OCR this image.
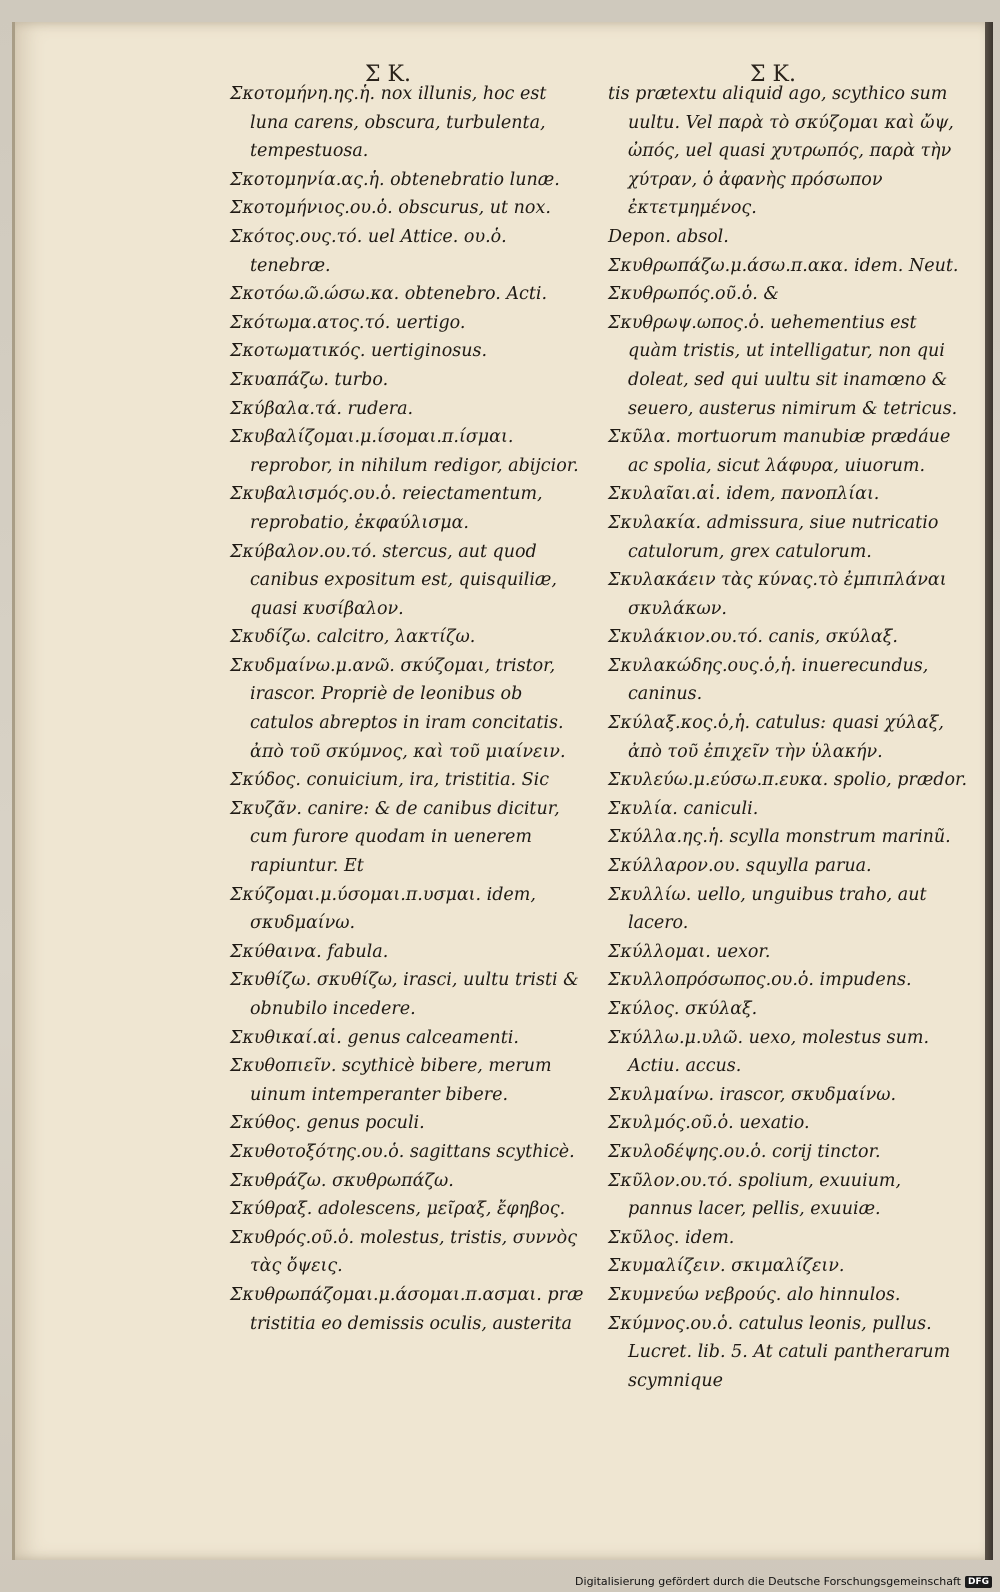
Σ K.	Σ K.

Σκοτομήνη.ης.ἡ. nox illunis, hoc est luna carens, obscura, turbulenta, tempestuosa.

Σκοτομηνία.ας.ἡ. obtenebratio lunæ.

Σκοτομήνιος.ου.ὁ. obscurus, ut nox.

Σκότος.ους.τό. uel Attice. ου.ὁ. tenebræ.

Σκοτόω.ῶ.ώσω.κα. obtenebro. Acti.

Σκότωμα.ατος.τό. uertigo.

Σκοτωματικός. uertiginosus.

Σκυαπάζω. turbo.

Σκύβαλα.τά. rudera.

Σκυβαλίζομαι.μ.ίσομαι.π.ίσμαι. reprobor, in nihilum redigor, abijcior.

Σκυβαλισμός.ου.ὁ. reiectamentum, reprobatio, ἐκφαύλισμα.

Σκύβαλον.ου.τό. stercus, aut quod canibus expositum est, quisquiliæ, quasi κυσίβαλον.

Σκυδίζω. calcitro, λακτίζω.

Σκυδμαίνω.μ.ανῶ. σκύζομαι, tristor, irascor. Propriè de leonibus ob catulos abreptos in iram concitatis. ἀπὸ τοῦ σκύμνος, καὶ τοῦ μιαίνειν.

Σκύδος. conuicium, ira, tristitia. Sic

Σκυζᾶν. canire: & de canibus dicitur, cum furore quodam in uenerem rapiuntur. Et

Σκύζομαι.μ.ύσομαι.π.υσμαι. idem, σκυδμαίνω.

Σκύθαινα. fabula.

Σκυθίζω. σκυθίζω, irasci, uultu tristi & obnubilo incedere.

Σκυθικαί.αἱ. genus calceamenti.

Σκυθοπιεῖν. scythicè bibere, merum uinum intemperanter bibere.

Σκύθος. genus poculi.

Σκυθοτοξότης.ου.ὁ. sagittans scythicè.

Σκυθράζω. σκυθρωπάζω.

Σκύθραξ. adolescens, μεῖραξ, ἔφηβος.

Σκυθρός.οῦ.ὁ. molestus, tristis, συννὸς τὰς ὄψεις.

Σκυθρωπάζομαι.μ.άσομαι.π.ασμαι. præ tristitia eo demissis oculis, austerita

tis prætextu aliquid ago, scythico sum uultu. Vel παρὰ τὸ σκύζομαι καὶ ὤψ, ὠπός, uel quasi χυτρωπός, παρὰ τὴν χύτραν, ὁ ἀφανὴς πρόσωπον ἐκτετμημένος.

Depon. absol.

Σκυθρωπάζω.μ.άσω.π.ακα. idem. Neut.

Σκυθρωπός.οῦ.ὁ. &

Σκυθρωψ.ωπος.ὁ. uehementius est quàm tristis, ut intelligatur, non qui doleat, sed qui uultu sit inamœno & seuero, austerus nimirum & tetricus.

Σκῦλα. mortuorum manubiæ prædáue ac spolia, sicut λάφυρα, uiuorum.

Σκυλαῖαι.αἱ. idem, πανοπλίαι.

Σκυλακία. admissura, siue nutricatio catulorum, grex catulorum.

Σκυλακάειν τὰς κύνας.τὸ ἐμπιπλάναι σκυλάκων.

Σκυλάκιον.ου.τό. canis, σκύλαξ.

Σκυλακώδης.ους.ὁ,ἡ. inuerecundus, caninus.

Σκύλαξ.κος.ὁ,ἡ. catulus: quasi χύλαξ, ἀπὸ τοῦ ἐπιχεῖν τὴν ὑλακήν.

Σκυλεύω.μ.εύσω.π.ευκα. spolio, prædor.

Σκυλία. caniculi.

Σκύλλα.ης.ἡ. scylla monstrum marinũ.

Σκύλλαρον.ου. squylla parua.

Σκυλλίω. uello, unguibus traho, aut lacero.

Σκύλλομαι. uexor.

Σκυλλοπρόσωπος.ου.ὁ. impudens.

Σκύλος. σκύλαξ.

Σκύλλω.μ.υλῶ. uexo, molestus sum. Actiu. accus.

Σκυλμαίνω. irascor, σκυδμαίνω.

Σκυλμός.οῦ.ὁ. uexatio.

Σκυλοδέψης.ου.ὁ. corij tinctor.

Σκῦλον.ου.τό. spolium, exuuium, pannus lacer, pellis, exuuiæ.

Σκῦλος. idem.

Σκυμαλίζειν. σκιμαλίζειν.

Σκυμνεύω νεβρούς. alo hinnulos.

Σκύμνος.ου.ὁ. catulus leonis, pullus. Lucret. lib. 5. At catuli pantherarum scymnique

Digitalisierung gefördert durch die Deutsche Forschungsgemeinschaft DFG
